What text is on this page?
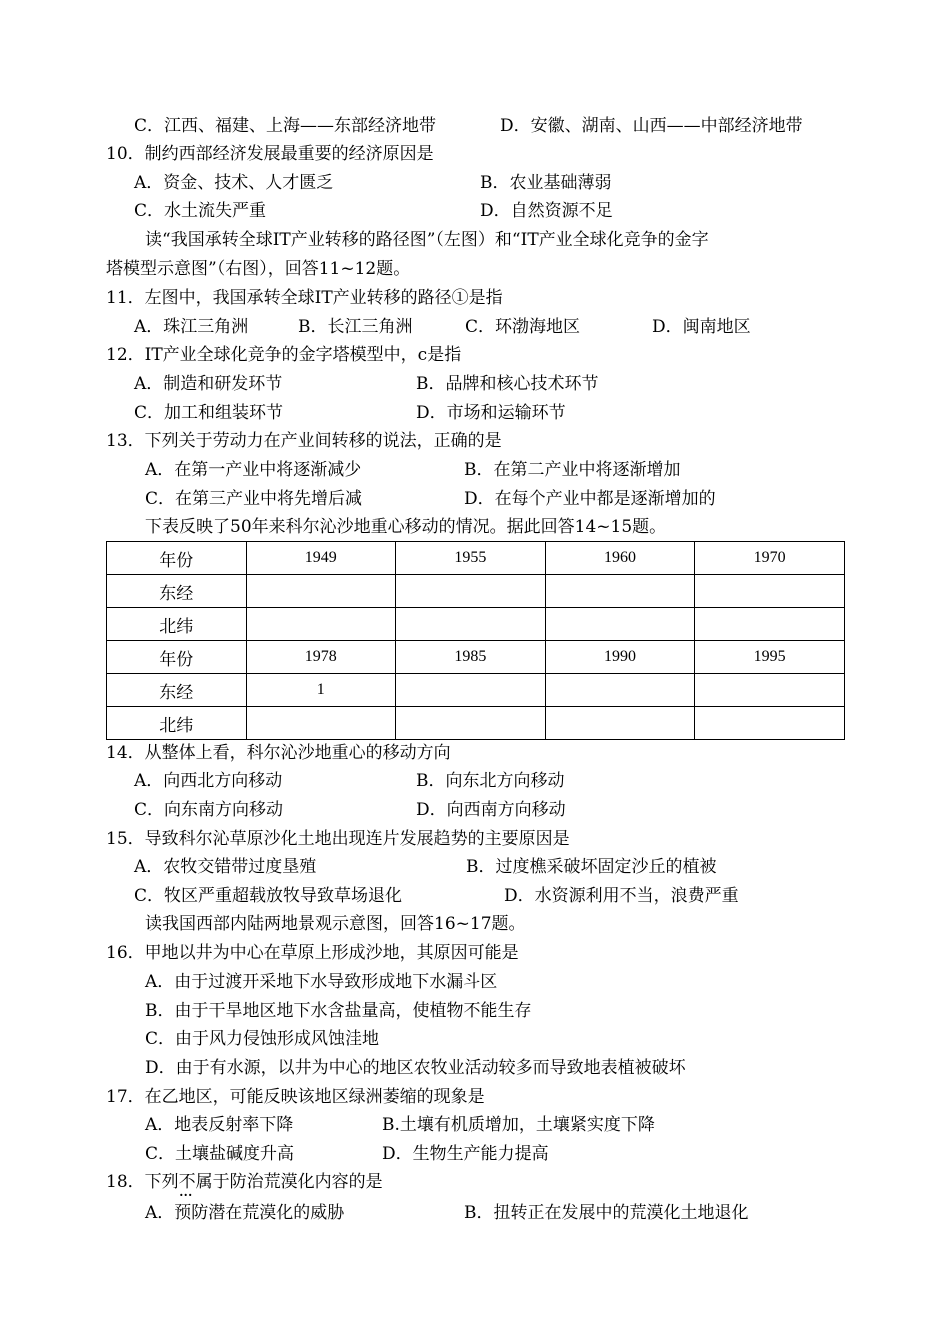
C．江西、福建、上海——东部经济地带	D．安徽、湖南、山西——中部经济地带
10．制约西部经济发展最重要的经济原因是
A．资金、技术、人才匮乏	B．农业基础薄弱
C．水土流失严重	D．自然资源不足
读“我国承转全球IT产业转移的路径图”（左图）和“IT产业全球化竞争的金字
塔模型示意图”（右图），回答11~12题。
11．左图中，我国承转全球IT产业转移的路径①是指
A．珠江三角洲	B．长江三角洲	C．环渤海地区	D．闽南地区
12．IT产业全球化竞争的金字塔模型中，c是指
A．制造和研发环节	B．品牌和核心技术环节
C．加工和组装环节	D．市场和运输环节
13．下列关于劳动力在产业间转移的说法，正确的是
A．在第一产业中将逐渐减少	B．在第二产业中将逐渐增加
C．在第三产业中将先增后减	D．在每个产业中都是逐渐增加的
下表反映了50年来科尔沁沙地重心移动的情况。据此回答14~15题。
年份	1949	1955	1960	1970
东经				
北纬				
年份	1978	1985	1990	1995
东经	1			
北纬				
14．从整体上看，科尔沁沙地重心的移动方向
A．向西北方向移动	B．向东北方向移动
C．向东南方向移动	D．向西南方向移动
15．导致科尔沁草原沙化土地出现连片发展趋势的主要原因是
A．农牧交错带过度垦殖	B．过度樵采破坏固定沙丘的植被
C．牧区严重超载放牧导致草场退化	D．水资源利用不当，浪费严重
读我国西部内陆两地景观示意图，回答16~17题。
16．甲地以井为中心在草原上形成沙地，其原因可能是
A．由于过渡开采地下水导致形成地下水漏斗区
B．由于干旱地区地下水含盐量高，使植物不能生存
C．由于风力侵蚀形成风蚀洼地
D．由于有水源，以井为中心的地区农牧业活动较多而导致地表植被破坏
17．在乙地区，可能反映该地区绿洲萎缩的现象是
A．地表反射率下降	B.土壤有机质增加，土壤紧实度下降
C．土壤盐碱度升高	D．生物生产能力提高
18．下列不属于 · · ·防治荒漠化内容的是
A．预防潜在荒漠化的威胁	B．扭转正在发展中的荒漠化土地退化
